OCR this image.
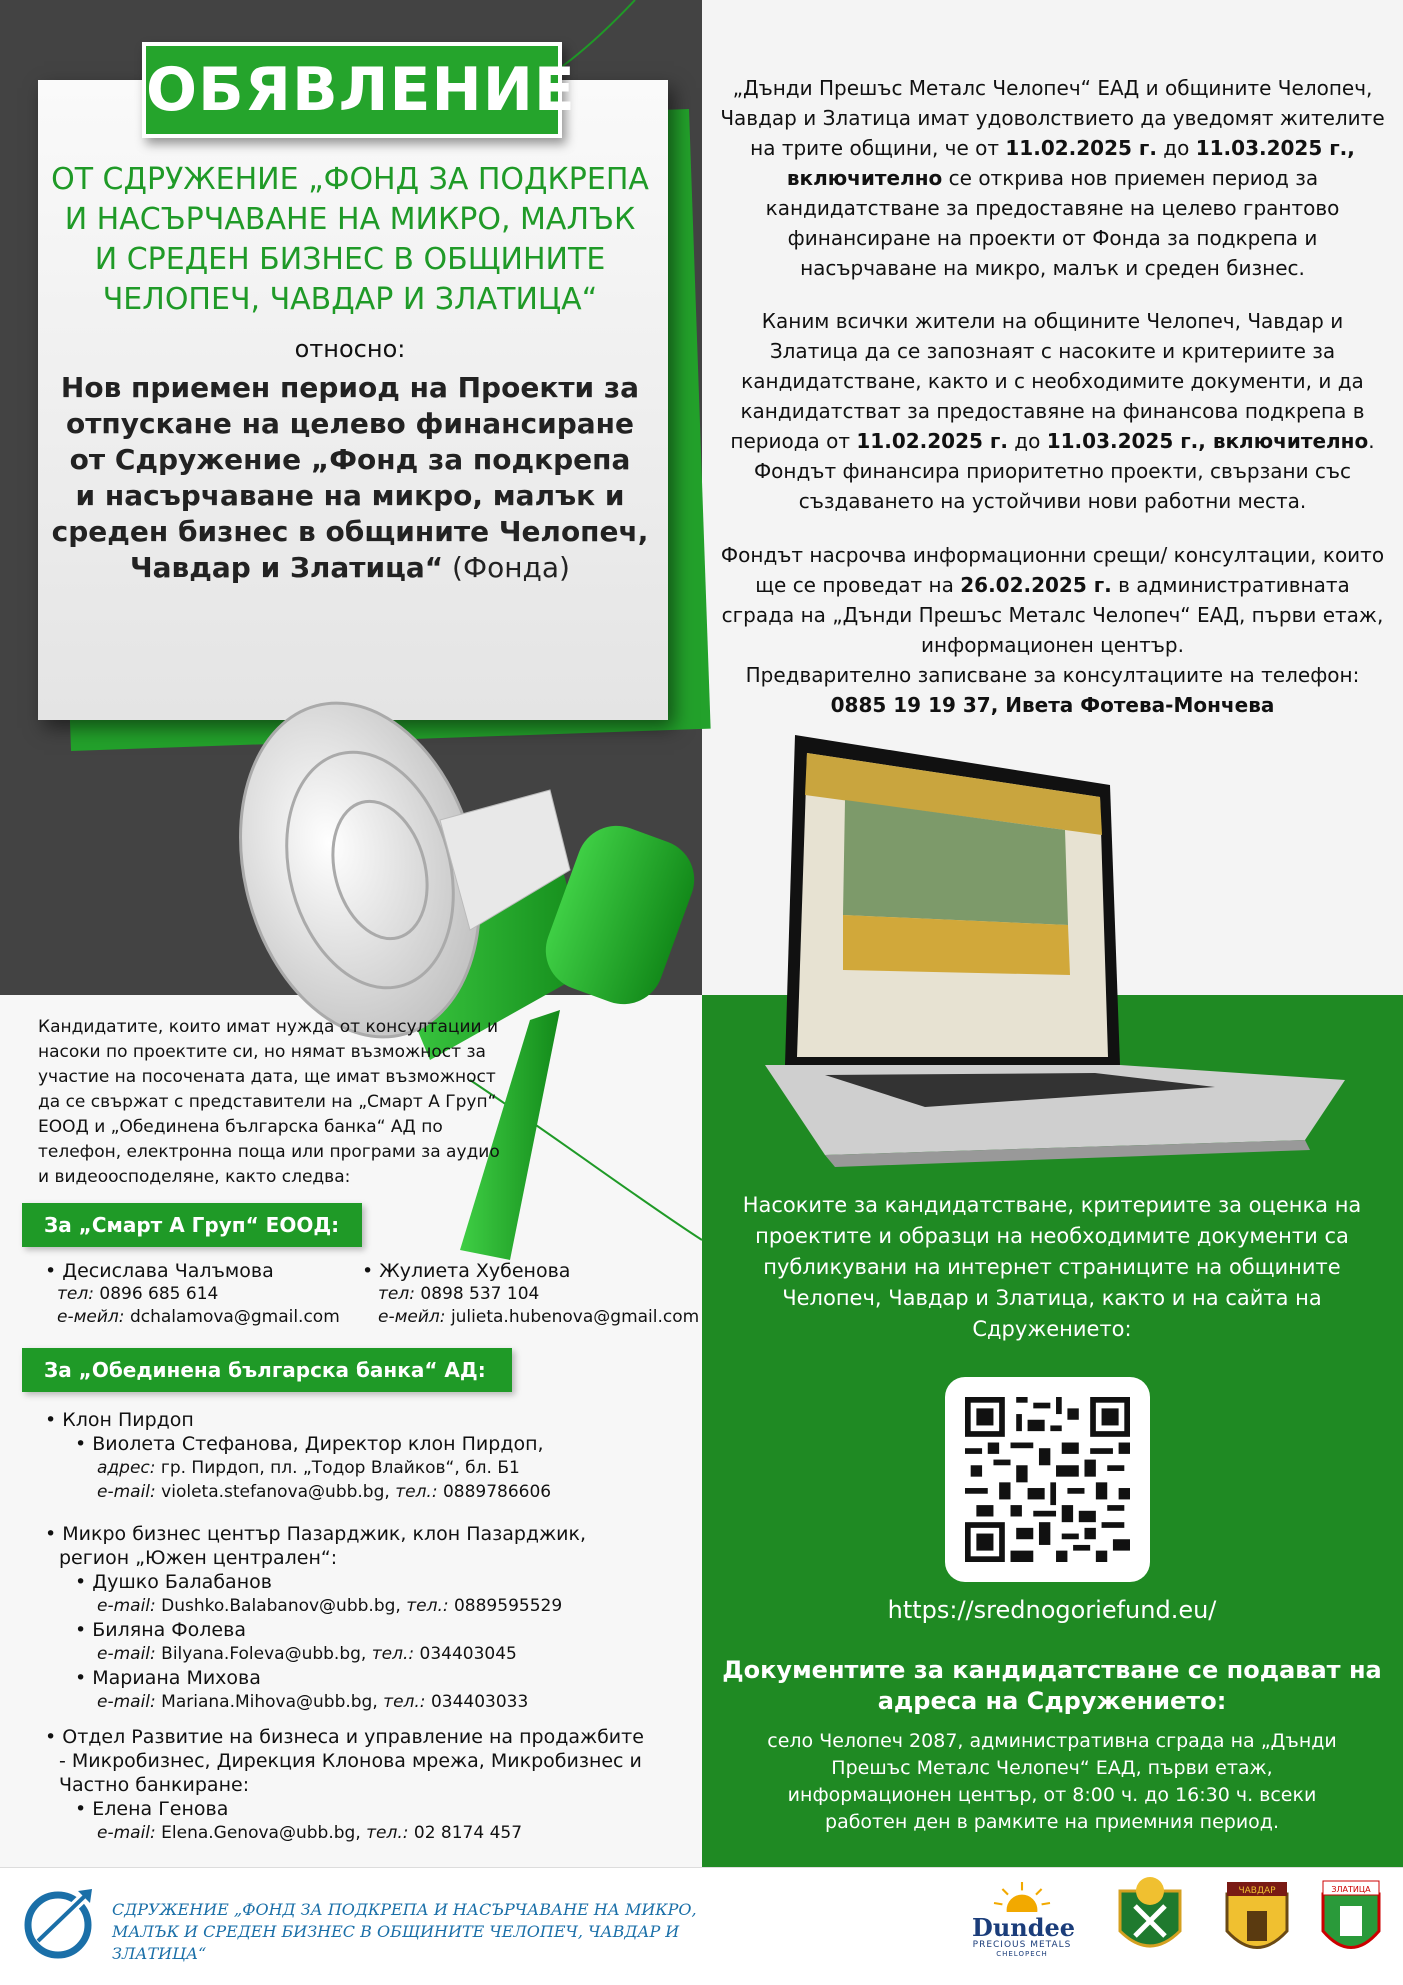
ОБЯВЛЕНИЕ
ОТ СДРУЖЕНИЕ „ФОНД ЗА ПОДКРЕПА
И НАСЪРЧАВАНЕ НА МИКРО, МАЛЪК
И СРЕДЕН БИЗНЕС В ОБЩИНИТЕ
ЧЕЛОПЕЧ, ЧАВДАР И ЗЛАТИЦА“
относно:
Нов приемен период на Проекти за
отпускане на целево финансиране
от Сдружение „Фонд за подкрепа
и насърчаване на микро, малък и
среден бизнес в общините Челопеч,
Чавдар и Златица“ (Фонда)
„Дънди Прешъс Металс Челопеч“ ЕАД и общините Челопеч, Чавдар и Златица имат удоволствието да уведомят жителите на трите общини, че от 11.02.2025 г. до 11.03.2025 г., включително се открива нов приемен период за кандидатстване за предоставяне на целево грантово финансиране на проекти от Фонда за подкрепа и насърчаване на микро, малък и среден бизнес.
Каним всички жители на общините Челопеч, Чавдар и Златица да се запознаят с насоките и критериите за кандидатстване, както и с необходимите документи, и да кандидатстват за предоставяне на финансова подкрепа в периода от 11.02.2025 г. до 11.03.2025 г., включително. Фондът финансира приоритетно проекти, свързани със създаването на устойчиви нови работни места.
Фондът насрочва информационни срещи/ консултации, които ще се проведат на 26.02.2025 г. в административната сграда на „Дънди Прешъс Металс Челопеч“ ЕАД, първи етаж, информационен център.
Предварително записване за консултациите на телефон:
0885 19 19 37, Ивета Фотева-Мончева
Кандидатите, които имат нужда от консултации и насоки по проектите си, но нямат възможност за участие на посочената дата, ще имат възможност да се свържат с представители на „Смарт А Груп“ ЕООД и „Обединена българска банка“ АД по телефон, електронна поща или програми за аудио и видеоосподеляне, както следва:
За „Смарт А Груп“ ЕООД:
• Десислава Чалъмова
тел: 0896 685 614
е-мейл: dchalamova@gmail.com
• Жулиета Хубенова
тел: 0898 537 104
е-мейл: julieta.hubenova@gmail.com
За „Обединена българска банка“ АД:
• Клон Пирдоп
• Виолета Стефанова, Директор клон Пирдоп,
адрес: гр. Пирдоп, пл. „Тодор Влайков“, бл. Б1
e-mail: violeta.stefanova@ubb.bg, тел.: 0889786606
• Микро бизнес център Пазарджик, клон Пазарджик, регион „Южен централен“:
• Душко Балабанов
e-mail: Dushko.Balabanov@ubb.bg, тел.: 0889595529
• Биляна Фолева
e-mail: Bilyana.Foleva@ubb.bg, тел.: 034403045
• Мариана Михова
e-mail: Mariana.Mihova@ubb.bg, тел.: 034403033
• Отдел Развитие на бизнеса и управление на продажбите - Микробизнес, Дирекция Клонова мрежа, Микробизнес и Частно банкиране:
• Елена Генова
e-mail: Elena.Genova@ubb.bg, тел.: 02 8174 457
Насоките за кандидатстване, критериите за оценка на проектите и образци на необходимите документи са публикувани на интернет страниците на общините Челопеч, Чавдар и Златица, както и на сайта на Сдружението:
https://srednogoriefund.eu/
Документите за кандидатстване се подават на адреса на Сдружението:
село Челопеч 2087, административна сграда на „Дънди Прешъс Металс Челопеч“ ЕАД, първи етаж, информационен център, от 8:00 ч. до 16:30 ч. всеки работен ден в рамките на приемния период.
СДРУЖЕНИЕ „ФОНД ЗА ПОДКРЕПА И НАСЪРЧАВАНЕ НА МИКРО, МАЛЪК И СРЕДЕН БИЗНЕС В ОБЩИНИТЕ ЧЕЛОПЕЧ, ЧАВДАР И ЗЛАТИЦА“
Dundee
PRECIOUS METALS
CHELOPECH
ЧАВДАР	ЗЛАТИЦА
